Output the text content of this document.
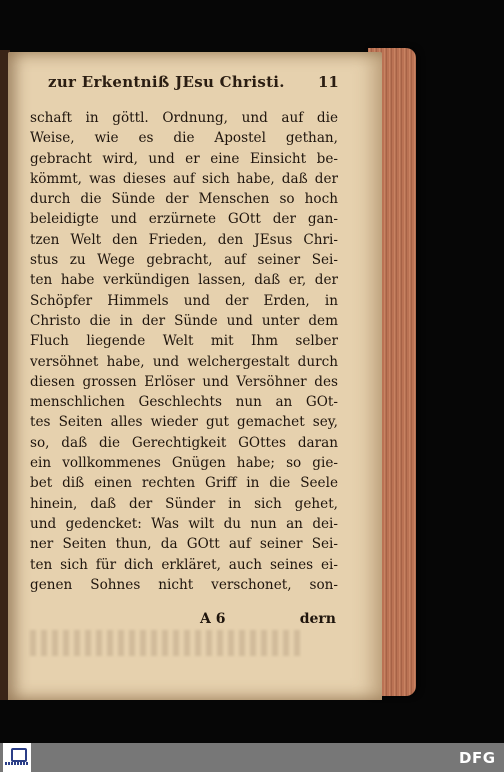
zur Erkentniß JEsu Christi. 11
schaft in göttl. Ordnung, und auf die
Weise, wie es die Apostel gethan,
gebracht wird, und er eine Einsicht be-
kömmt, was dieses auf sich habe, daß der
durch die Sünde der Menschen so hoch
beleidigte und erzürnete GOtt der gan-
tzen Welt den Frieden, den JEsus Chri-
stus zu Wege gebracht, auf seiner Sei-
ten habe verkündigen lassen, daß er, der
Schöpfer Himmels und der Erden, in
Christo die in der Sünde und unter dem
Fluch liegende Welt mit Ihm selber
versöhnet habe, und welchergestalt durch
diesen grossen Erlöser und Versöhner des
menschlichen Geschlechts nun an GOt-
tes Seiten alles wieder gut gemachet sey,
so, daß die Gerechtigkeit GOttes daran
ein vollkommenes Gnügen habe; so gie-
bet diß einen rechten Griff in die Seele
hinein, daß der Sünder in sich gehet,
und gedencket: Was wilt du nun an dei-
ner Seiten thun, da GOtt auf seiner Sei-
ten sich für dich erkläret, auch seines ei-
genen Sohnes nicht verschonet, son-
A 6	dern
DFG
